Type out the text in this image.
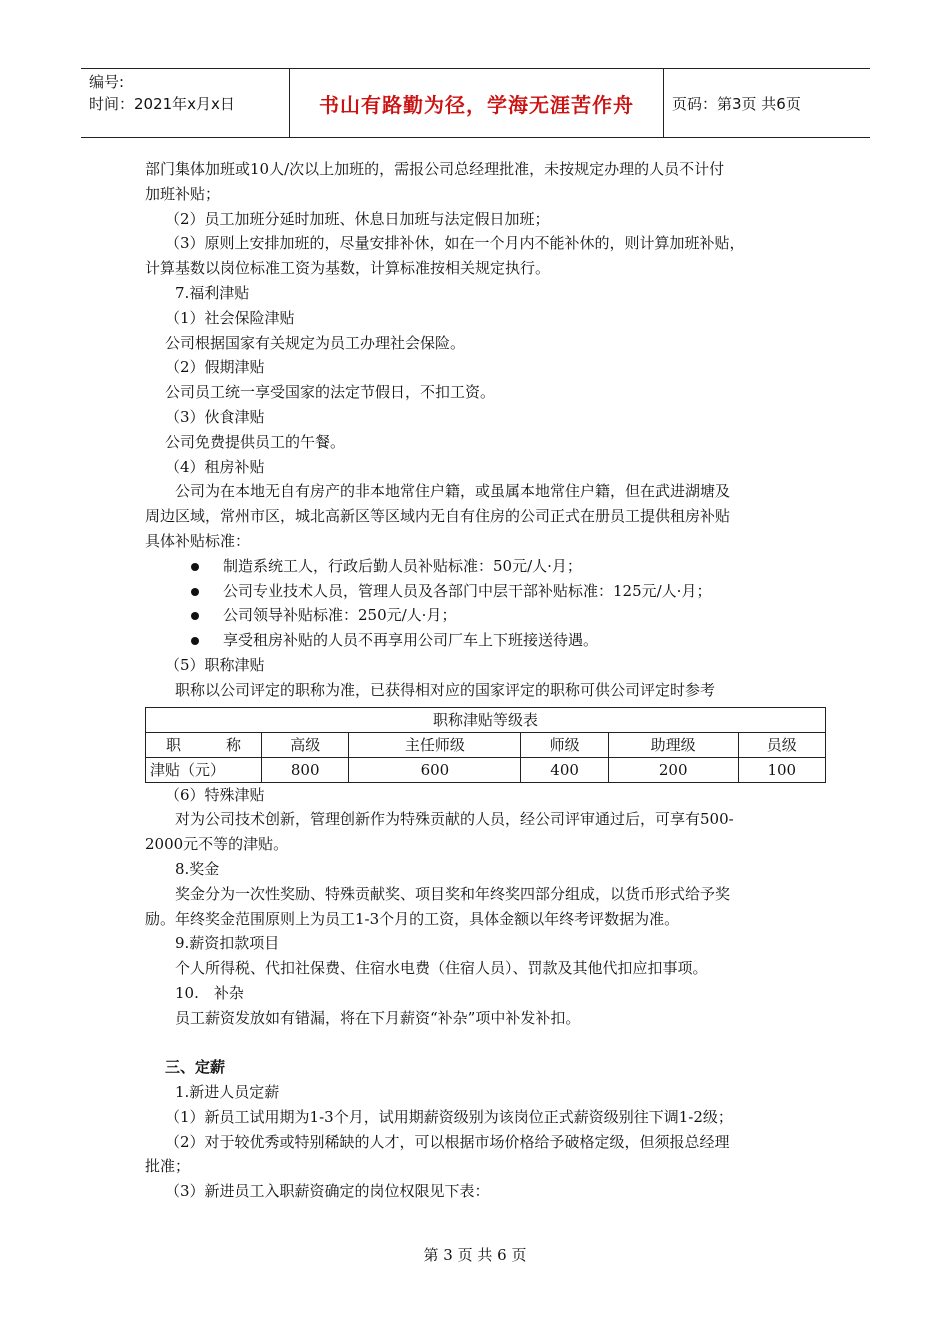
编号:
时间：2021年x月x日	书山有路勤为径，学海无涯苦作舟	页码：第3页 共6页
部门集体加班或10人/次以上加班的，需报公司总经理批准，未按规定办理的人员不计付
加班补贴；
（2）员工加班分延时加班、休息日加班与法定假日加班；
（3）原则上安排加班的，尽量安排补休，如在一个月内不能补休的，则计算加班补贴，
计算基数以岗位标准工资为基数，计算标准按相关规定执行。
7.福利津贴
（1）社会保险津贴
公司根据国家有关规定为员工办理社会保险。
（2）假期津贴
公司员工统一享受国家的法定节假日，不扣工资。
（3）伙食津贴
公司免费提供员工的午餐。
（4）租房补贴
公司为在本地无自有房产的非本地常住户籍，或虽属本地常住户籍，但在武进湖塘及
周边区域，常州市区，城北高新区等区域内无自有住房的公司正式在册员工提供租房补贴
具体补贴标准：
制造系统工人，行政后勤人员补贴标准：50元/人·月；
公司专业技术人员，管理人员及各部门中层干部补贴标准：125元/人·月；
公司领导补贴标准：250元/人·月；
享受租房补贴的人员不再享用公司厂车上下班接送待遇。
（5）职称津贴
职称以公司评定的职称为准，已获得相对应的国家评定的职称可供公司评定时参考
职称津贴等级表					
职　　　称	高级	主任师级	师级	助理级	员级
津贴（元）	800	600	400	200	100
（6）特殊津贴
对为公司技术创新，管理创新作为特殊贡献的人员，经公司评审通过后，可享有500-
2000元不等的津贴。
8.奖金
奖金分为一次性奖励、特殊贡献奖、项目奖和年终奖四部分组成，以货币形式给予奖
励。年终奖金范围原则上为员工1-3个月的工资，具体金额以年终考评数据为准。
9.薪资扣款项目
个人所得税、代扣社保费、住宿水电费（住宿人员）、罚款及其他代扣应扣事项。
10.　补杂
员工薪资发放如有错漏，将在下月薪资“补杂”项中补发补扣。
三、定薪
1.新进人员定薪
（1）新员工试用期为1-3个月，试用期薪资级别为该岗位正式薪资级别往下调1-2级；
（2）对于较优秀或特别稀缺的人才，可以根据市场价格给予破格定级，但须报总经理
批准；
（3）新进员工入职薪资确定的岗位权限见下表：
第 3 页 共 6 页
